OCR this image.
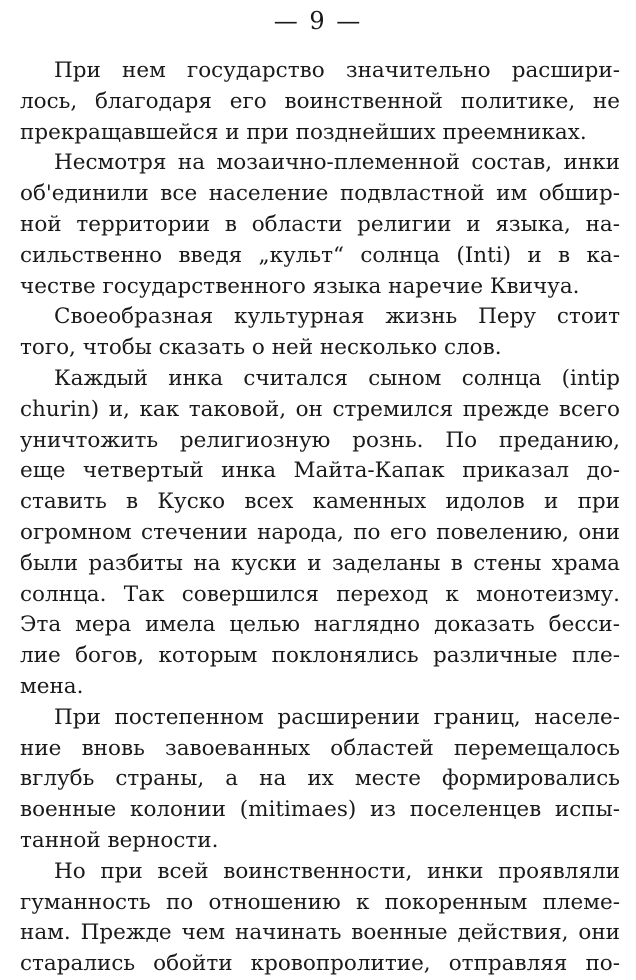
— 9 —
При нем государство значительно расшири-
лось, благодаря его воинственной политике, не
прекращавшейся и при позднейших преемниках.
Несмотря на мозаично-племенной состав, инки
об'единили все население подвластной им обшир-
ной территории в области религии и языка, на-
сильственно введя „культ“ солнца (Inti) и в ка-
честве государственного языка наречие Квичуа.
Своеобразная культурная жизнь Перу стоит
того, чтобы сказать о ней несколько слов.
Каждый инка считался сыном солнца (intip
churin) и, как таковой, он стремился прежде всего
уничтожить религиозную рознь. По преданию,
еще четвертый инка Майта-Капак приказал до-
ставить в Куско всех каменных идолов и при
огромном стечении народа, по его повелению, они
были разбиты на куски и заделаны в стены храма
солнца. Так совершился переход к монотеизму.
Эта мера имела целью наглядно доказать бесси-
лие богов, которым поклонялись различные пле-
мена.
При постепенном расширении границ, населе-
ние вновь завоеванных областей перемещалось
вглубь страны, а на их месте формировались
военные колонии (mitimaes) из поселенцев испы-
танной верности.
Но при всей воинственности, инки проявляли
гуманность по отношению к покоренным племе-
нам. Прежде чем начинать военные действия, они
старались обойти кровопролитие, отправляя по-
